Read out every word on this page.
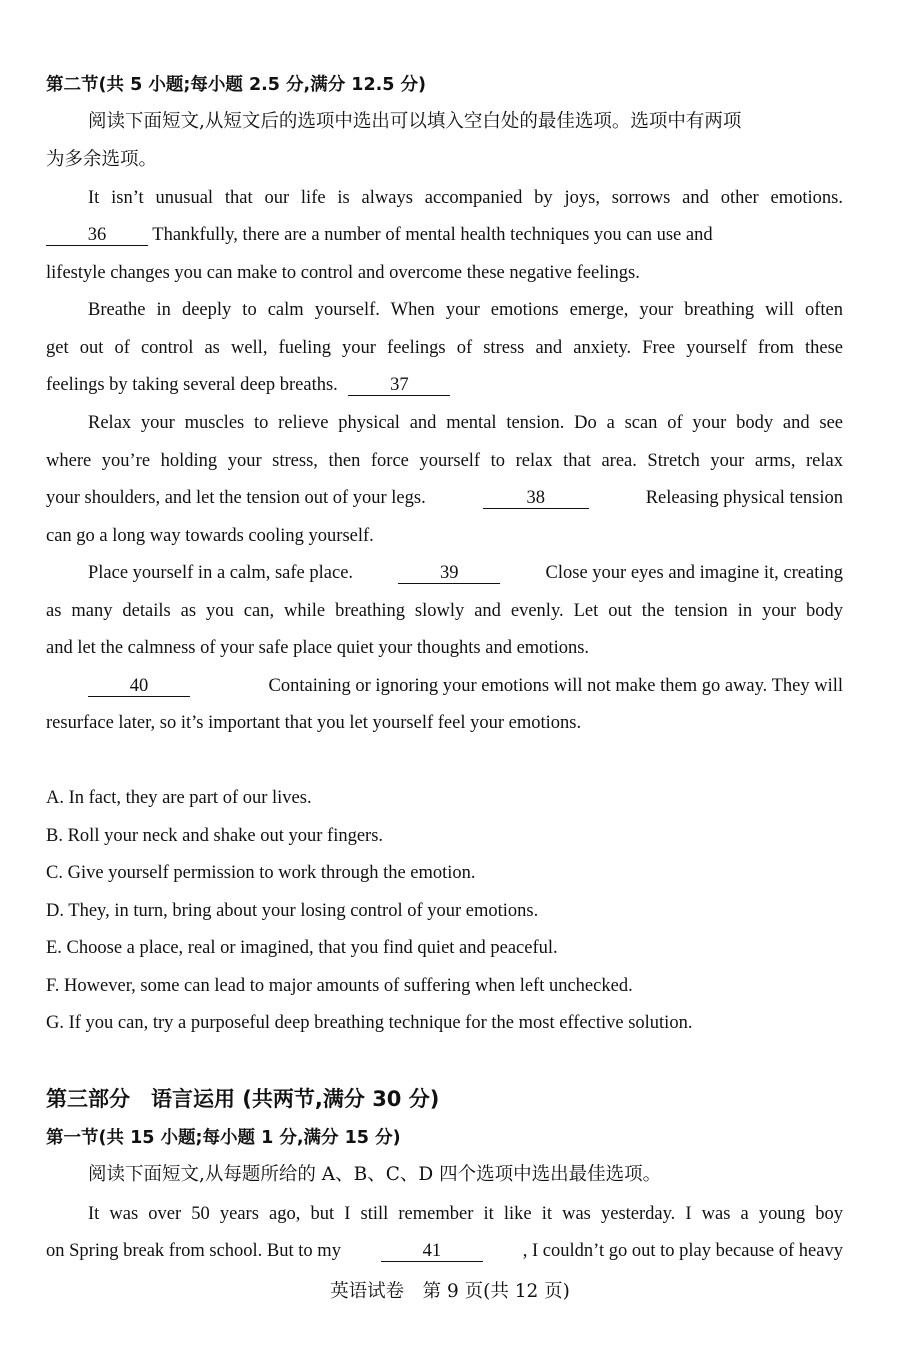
第二节(共 5 小题;每小题 2.5 分,满分 12.5 分)
阅读下面短文,从短文后的选项中选出可以填入空白处的最佳选项。选项中有两项
为多余选项。
It isn’t unusual that our life is always accompanied by joys, sorrows and other emotions.
36 Thankfully, there are a number of mental health techniques you can use and
lifestyle changes you can make to control and overcome these negative feelings.
Breathe in deeply to calm yourself. When your emotions emerge, your breathing will often
get out of control as well, fueling your feelings of stress and anxiety. Free yourself from these
feelings by taking several deep breaths.	37
Relax your muscles to relieve physical and mental tension. Do a scan of your body and see
where you’re holding your stress, then force yourself to relax that area. Stretch your arms, relax
your shoulders, and let the tension out of your legs.	38	Releasing physical tension
can go a long way towards cooling yourself.
Place yourself in a calm, safe place.	39	Close your eyes and imagine it, creating
as many details as you can, while breathing slowly and evenly. Let out the tension in your body
and let the calmness of your safe place quiet your thoughts and emotions.
40	Containing or ignoring your emotions will not make them go away. They will
resurface later, so it’s important that you let yourself feel your emotions.
A. In fact, they are part of our lives.
B. Roll your neck and shake out your fingers.
C. Give yourself permission to work through the emotion.
D. They, in turn, bring about your losing control of your emotions.
E. Choose a place, real or imagined, that you find quiet and peaceful.
F. However, some can lead to major amounts of suffering when left unchecked.
G. If you can, try a purposeful deep breathing technique for the most effective solution.
第三部分　语言运用 (共两节,满分 30 分)
第一节(共 15 小题;每小题 1 分,满分 15 分)
阅读下面短文,从每题所给的 A、B、C、D 四个选项中选出最佳选项。
It was over 50 years ago, but I still remember it like it was yesterday. I was a young boy
on Spring break from school. But to my	41	, I couldn’t go out to play because of heavy
英语试卷　第 9 页(共 12 页)
